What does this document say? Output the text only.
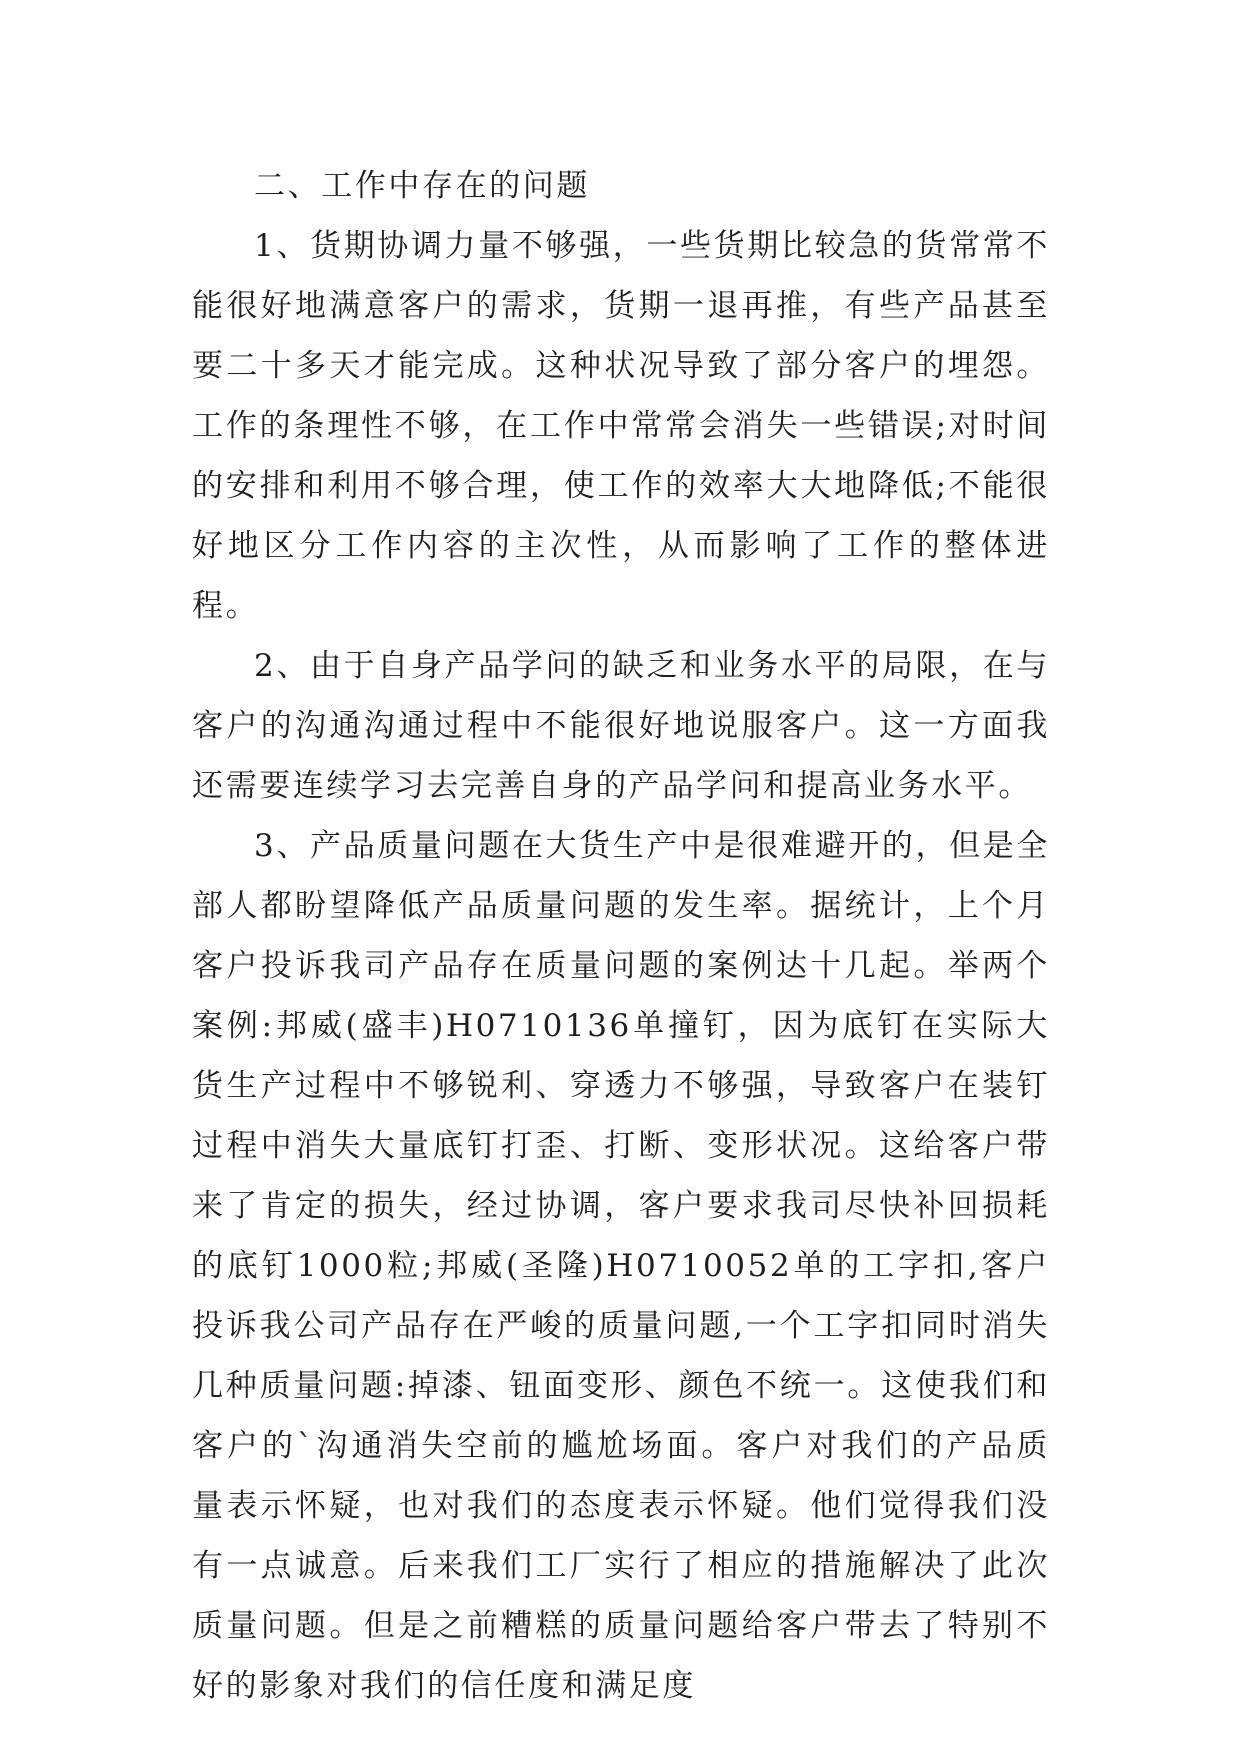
二、工作中存在的问题

1、货期协调力量不够强，一些货期比较急的货常常不能很好地满意客户的需求，货期一退再推，有些产品甚至要二十多天才能完成。这种状况导致了部分客户的埋怨。工作的条理性不够，在工作中常常会消失一些错误;对时间的安排和利用不够合理，使工作的效率大大地降低;不能很好地区分工作内容的主次性，从而影响了工作的整体进程。

2、由于自身产品学问的缺乏和业务水平的局限，在与客户的沟通沟通过程中不能很好地说服客户。这一方面我还需要连续学习去完善自身的产品学问和提高业务水平。

3、产品质量问题在大货生产中是很难避开的，但是全部人都盼望降低产品质量问题的发生率。据统计，上个月客户投诉我司产品存在质量问题的案例达十几起。举两个案例:邦威(盛丰)H0710136单撞钉，因为底钉在实际大货生产过程中不够锐利、穿透力不够强，导致客户在装钉过程中消失大量底钉打歪、打断、变形状况。这给客户带来了肯定的损失，经过协调，客户要求我司尽快补回损耗的底钉1000粒;邦威(圣隆)H0710052单的工字扣,客户投诉我公司产品存在严峻的质量问题,一个工字扣同时消失几种质量问题:掉漆、钮面变形、颜色不统一。这使我们和客户的`沟通消失空前的尴尬场面。客户对我们的产品质量表示怀疑，也对我们的态度表示怀疑。他们觉得我们没有一点诚意。后来我们工厂实行了相应的措施解决了此次质量问题。但是之前糟糕的质量问题给客户带去了特别不好的影象对我们的信任度和满足度
